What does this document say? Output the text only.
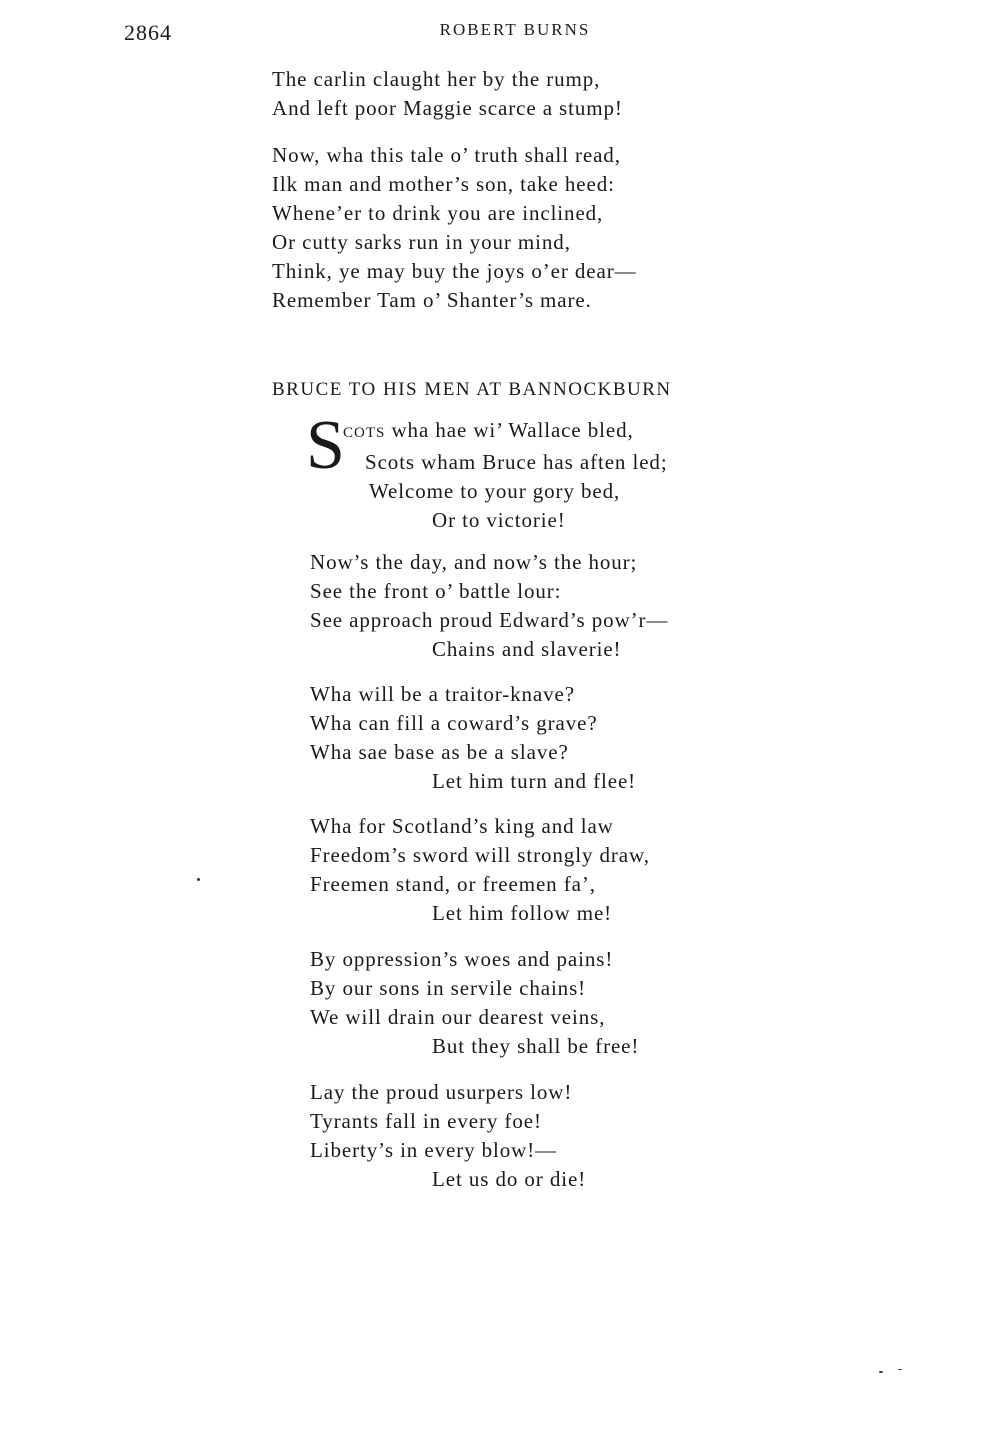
2864	ROBERT BURNS
The carlin claught her by the rump,
And left poor Maggie scarce a stump!
Now, wha this tale o’ truth shall read,
Ilk man and mother’s son, take heed:
Whene’er to drink you are inclined,
Or cutty sarks run in your mind,
Think, ye may buy the joys o’er dear—
Remember Tam o’ Shanter’s mare.
BRUCE TO HIS MEN AT BANNOCKBURN
S
COTS wha hae wi’ Wallace bled,
Scots wham Bruce has aften led;
Welcome to your gory bed,
Or to victorie!
Now’s the day, and now’s the hour;
See the front o’ battle lour:
See approach proud Edward’s pow’r—
Chains and slaverie!
Wha will be a traitor-knave?
Wha can fill a coward’s grave?
Wha sae base as be a slave?
Let him turn and flee!
Wha for Scotland’s king and law
Freedom’s sword will strongly draw,
Freemen stand, or freemen fa’,
Let him follow me!
By oppression’s woes and pains!
By our sons in servile chains!
We will drain our dearest veins,
But they shall be free!
Lay the proud usurpers low!
Tyrants fall in every foe!
Liberty’s in every blow!—
Let us do or die!
